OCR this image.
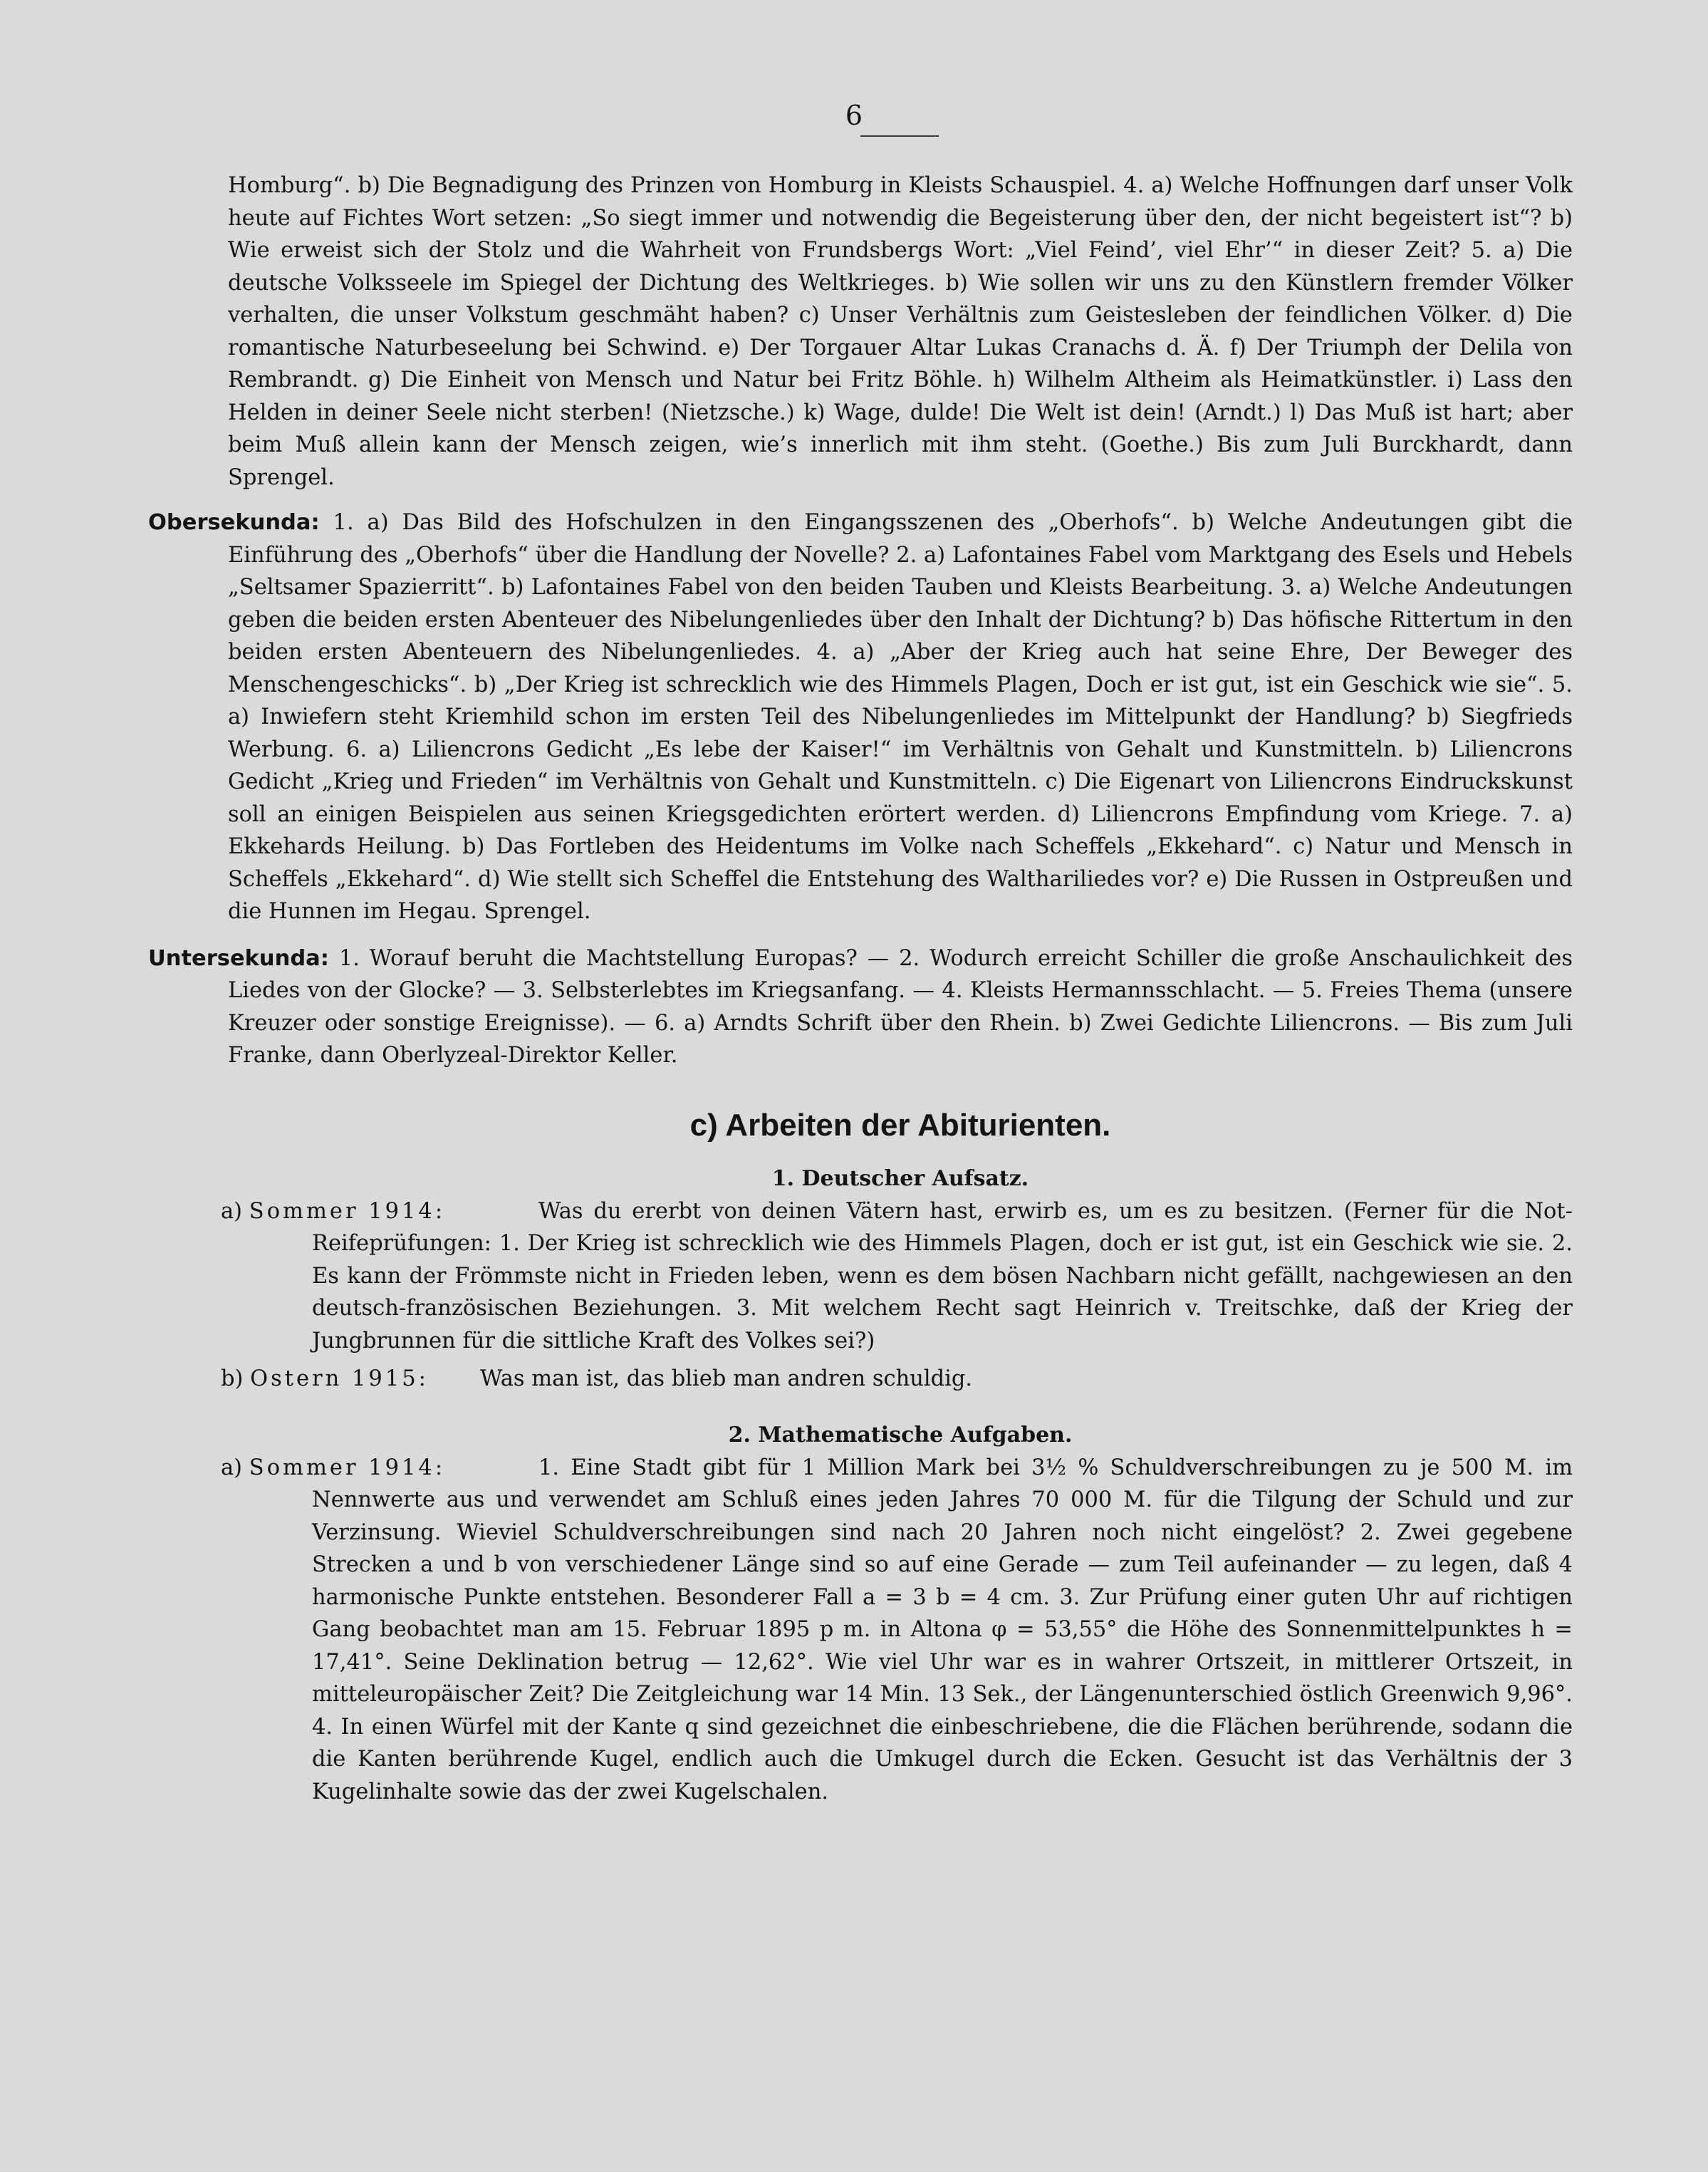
6

Homburg“. b) Die Begnadigung des Prinzen von Homburg in Kleists Schauspiel. 4. a) Welche Hoffnungen darf unser Volk heute auf Fichtes Wort setzen: „So siegt immer und notwendig die Begeisterung über den, der nicht begeistert ist“? b) Wie erweist sich der Stolz und die Wahrheit von Frundsbergs Wort: „Viel Feind’, viel Ehr’“ in dieser Zeit? 5. a) Die deutsche Volksseele im Spiegel der Dichtung des Weltkrieges. b) Wie sollen wir uns zu den Künstlern fremder Völker verhalten, die unser Volkstum geschmäht haben? c) Unser Verhältnis zum Geistesleben der feindlichen Völker. d) Die romantische Naturbeseelung bei Schwind. e) Der Torgauer Altar Lukas Cranachs d. Ä. f) Der Triumph der Delila von Rembrandt. g) Die Einheit von Mensch und Natur bei Fritz Böhle. h) Wilhelm Altheim als Heimatkünstler. i) Lass den Helden in deiner Seele nicht sterben! (Nietzsche.) k) Wage, dulde! Die Welt ist dein! (Arndt.) l) Das Muß ist hart; aber beim Muß allein kann der Mensch zeigen, wie’s innerlich mit ihm steht. (Goethe.) Bis zum Juli Burckhardt, dann Sprengel.

Obersekunda: 1. a) Das Bild des Hofschulzen in den Eingangsszenen des „Oberhofs“. b) Welche Andeutungen gibt die Einführung des „Oberhofs“ über die Handlung der Novelle? 2. a) Lafontaines Fabel vom Marktgang des Esels und Hebels „Seltsamer Spazierritt“. b) Lafontaines Fabel von den beiden Tauben und Kleists Bearbeitung. 3. a) Welche Andeutungen geben die beiden ersten Abenteuer des Nibelungenliedes über den Inhalt der Dichtung? b) Das höfische Rittertum in den beiden ersten Abenteuern des Nibelungenliedes. 4. a) „Aber der Krieg auch hat seine Ehre, Der Beweger des Menschengeschicks“. b) „Der Krieg ist schrecklich wie des Himmels Plagen, Doch er ist gut, ist ein Geschick wie sie“. 5. a) Inwiefern steht Kriemhild schon im ersten Teil des Nibelungenliedes im Mittelpunkt der Handlung? b) Siegfrieds Werbung. 6. a) Liliencrons Gedicht „Es lebe der Kaiser!“ im Verhältnis von Gehalt und Kunstmitteln. b) Liliencrons Gedicht „Krieg und Frieden“ im Verhältnis von Gehalt und Kunstmitteln. c) Die Eigenart von Liliencrons Eindruckskunst soll an einigen Beispielen aus seinen Kriegsgedichten erörtert werden. d) Liliencrons Empfindung vom Kriege. 7. a) Ekkehards Heilung. b) Das Fortleben des Heidentums im Volke nach Scheffels „Ekkehard“. c) Natur und Mensch in Scheffels „Ekkehard“. d) Wie stellt sich Scheffel die Entstehung des Walthariliedes vor? e) Die Russen in Ostpreußen und die Hunnen im Hegau. Sprengel.

Untersekunda: 1. Worauf beruht die Machtstellung Europas? — 2. Wodurch erreicht Schiller die große Anschaulichkeit des Liedes von der Glocke? — 3. Selbsterlebtes im Kriegsanfang. — 4. Kleists Hermannsschlacht. — 5. Freies Thema (unsere Kreuzer oder sonstige Ereignisse). — 6. a) Arndts Schrift über den Rhein. b) Zwei Gedichte Liliencrons. — Bis zum Juli Franke, dann Oberlyzeal-Direktor Keller.

c) Arbeiten der Abiturienten.
1. Deutscher Aufsatz.
a) Sommer 1914:	Was du ererbt von deinen Vätern hast, erwirb es, um es zu besitzen. (Ferner für die Not-Reifeprüfungen: 1. Der Krieg ist schrecklich wie des Himmels Plagen, doch er ist gut, ist ein Geschick wie sie. 2. Es kann der Frömmste nicht in Frieden leben, wenn es dem bösen Nachbarn nicht gefällt, nachgewiesen an den deutsch-französischen Beziehungen. 3. Mit welchem Recht sagt Heinrich v. Treitschke, daß der Krieg der Jungbrunnen für die sittliche Kraft des Volkes sei?)
b) Ostern 1915: Was man ist, das blieb man andren schuldig.
2. Mathematische Aufgaben.
a) Sommer 1914:	1. Eine Stadt gibt für 1 Million Mark bei 3½ % Schuldverschreibungen zu je 500 M. im Nennwerte aus und verwendet am Schluß eines jeden Jahres 70 000 M. für die Tilgung der Schuld und zur Verzinsung. Wieviel Schuldverschreibungen sind nach 20 Jahren noch nicht eingelöst? 2. Zwei gegebene Strecken a und b von verschiedener Länge sind so auf eine Gerade — zum Teil aufeinander — zu legen, daß 4 harmonische Punkte entstehen. Besonderer Fall a = 3 b = 4 cm. 3. Zur Prüfung einer guten Uhr auf richtigen Gang beobachtet man am 15. Februar 1895 p m. in Altona φ = 53,55° die Höhe des Sonnenmittelpunktes h = 17,41°. Seine Deklination betrug — 12,62°. Wie viel Uhr war es in wahrer Ortszeit, in mittlerer Ortszeit, in mitteleuropäischer Zeit? Die Zeitgleichung war 14 Min. 13 Sek., der Längenunterschied östlich Greenwich 9,96°. 4. In einen Würfel mit der Kante q sind gezeichnet die einbeschriebene, die die Flächen berührende, sodann die die Kanten berührende Kugel, endlich auch die Umkugel durch die Ecken. Gesucht ist das Verhältnis der 3 Kugelinhalte sowie das der zwei Kugelschalen.
